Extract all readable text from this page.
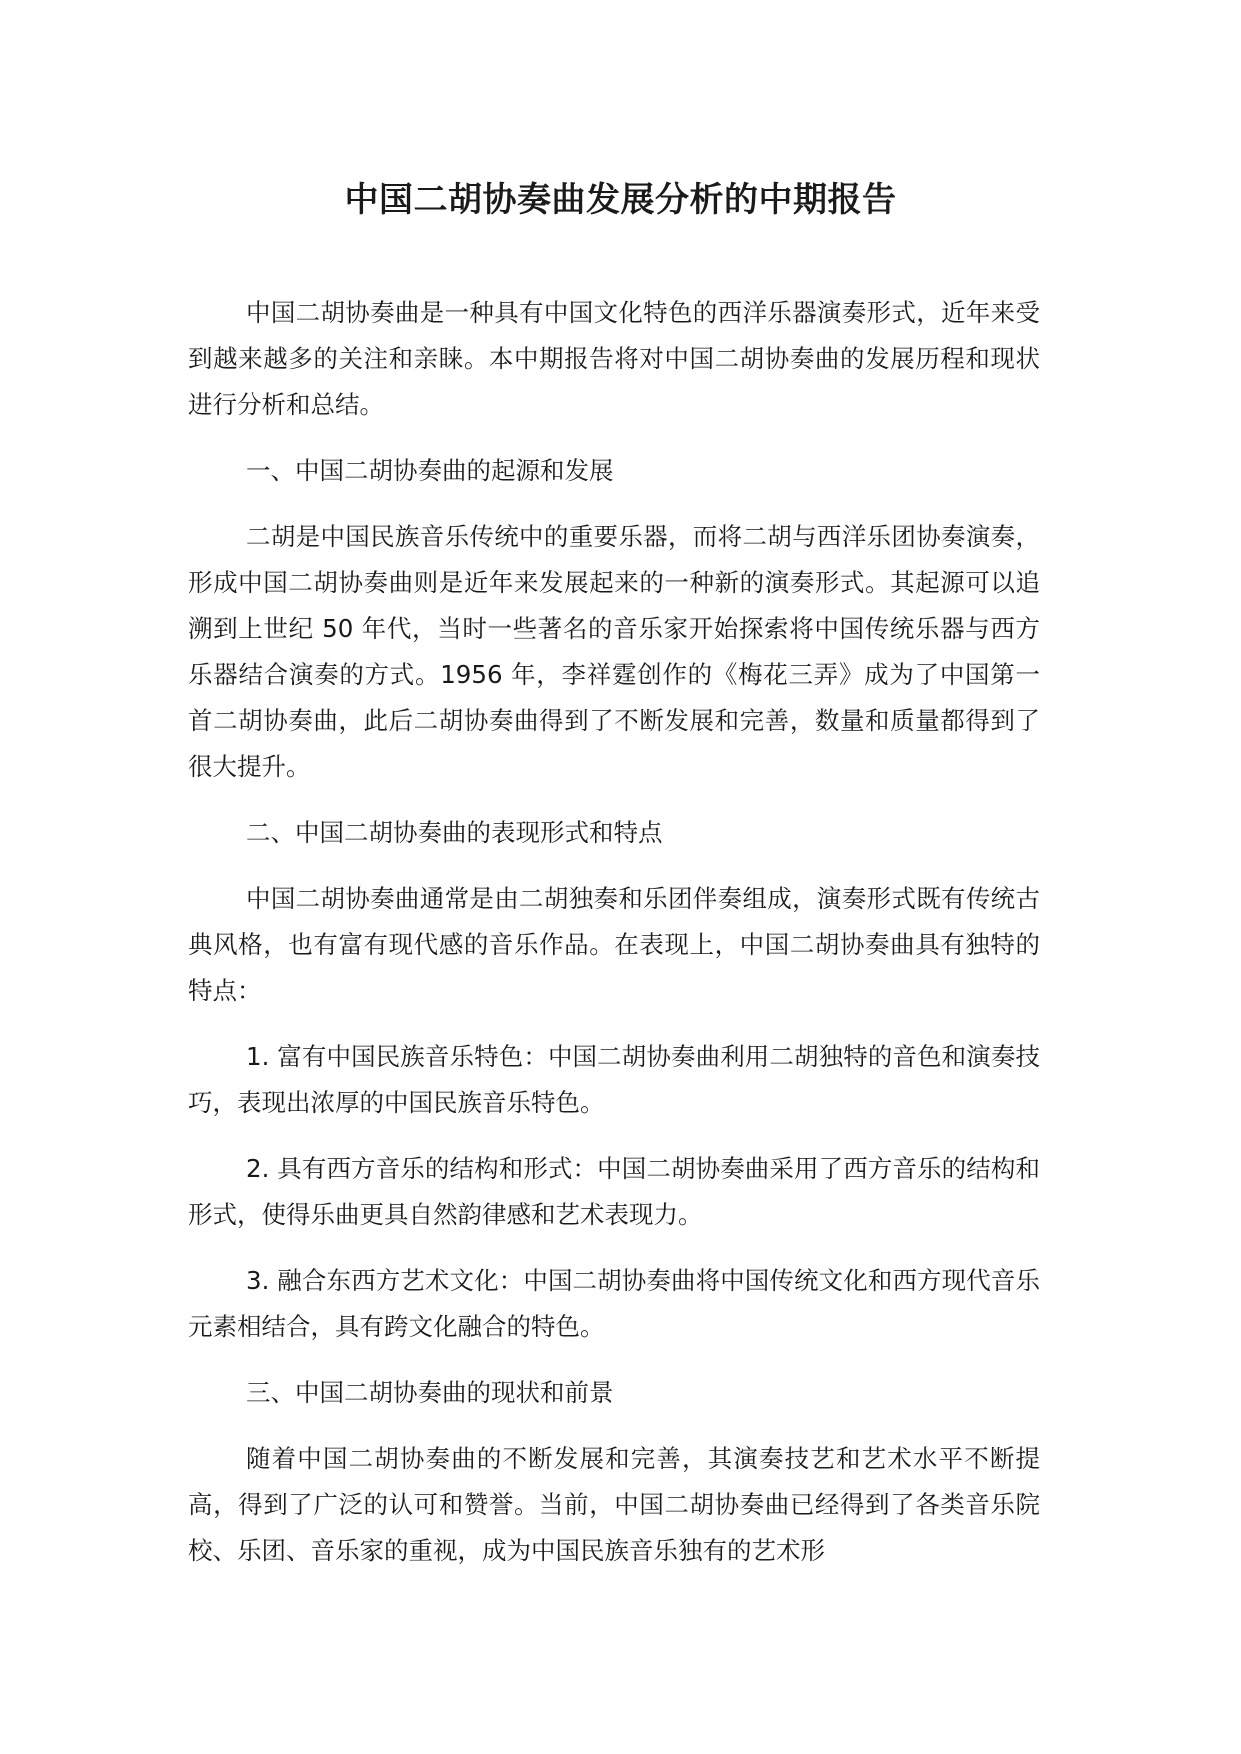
中国二胡协奏曲发展分析的中期报告

中国二胡协奏曲是一种具有中国文化特色的西洋乐器演奏形式，近年来受到越来越多的关注和亲睐。本中期报告将对中国二胡协奏曲的发展历程和现状进行分析和总结。

一、中国二胡协奏曲的起源和发展

二胡是中国民族音乐传统中的重要乐器，而将二胡与西洋乐团协奏演奏，形成中国二胡协奏曲则是近年来发展起来的一种新的演奏形式。其起源可以追溯到上世纪 50 年代，当时一些著名的音乐家开始探索将中国传统乐器与西方乐器结合演奏的方式。1956 年，李祥霆创作的《梅花三弄》成为了中国第一首二胡协奏曲，此后二胡协奏曲得到了不断发展和完善，数量和质量都得到了很大提升。

二、中国二胡协奏曲的表现形式和特点

中国二胡协奏曲通常是由二胡独奏和乐团伴奏组成，演奏形式既有传统古典风格，也有富有现代感的音乐作品。在表现上，中国二胡协奏曲具有独特的特点：

1. 富有中国民族音乐特色：中国二胡协奏曲利用二胡独特的音色和演奏技巧，表现出浓厚的中国民族音乐特色。

2. 具有西方音乐的结构和形式：中国二胡协奏曲采用了西方音乐的结构和形式，使得乐曲更具自然韵律感和艺术表现力。

3. 融合东西方艺术文化：中国二胡协奏曲将中国传统文化和西方现代音乐元素相结合，具有跨文化融合的特色。

三、中国二胡协奏曲的现状和前景

随着中国二胡协奏曲的不断发展和完善，其演奏技艺和艺术水平不断提高，得到了广泛的认可和赞誉。当前，中国二胡协奏曲已经得到了各类音乐院校、乐团、音乐家的重视，成为中国民族音乐独有的艺术形
